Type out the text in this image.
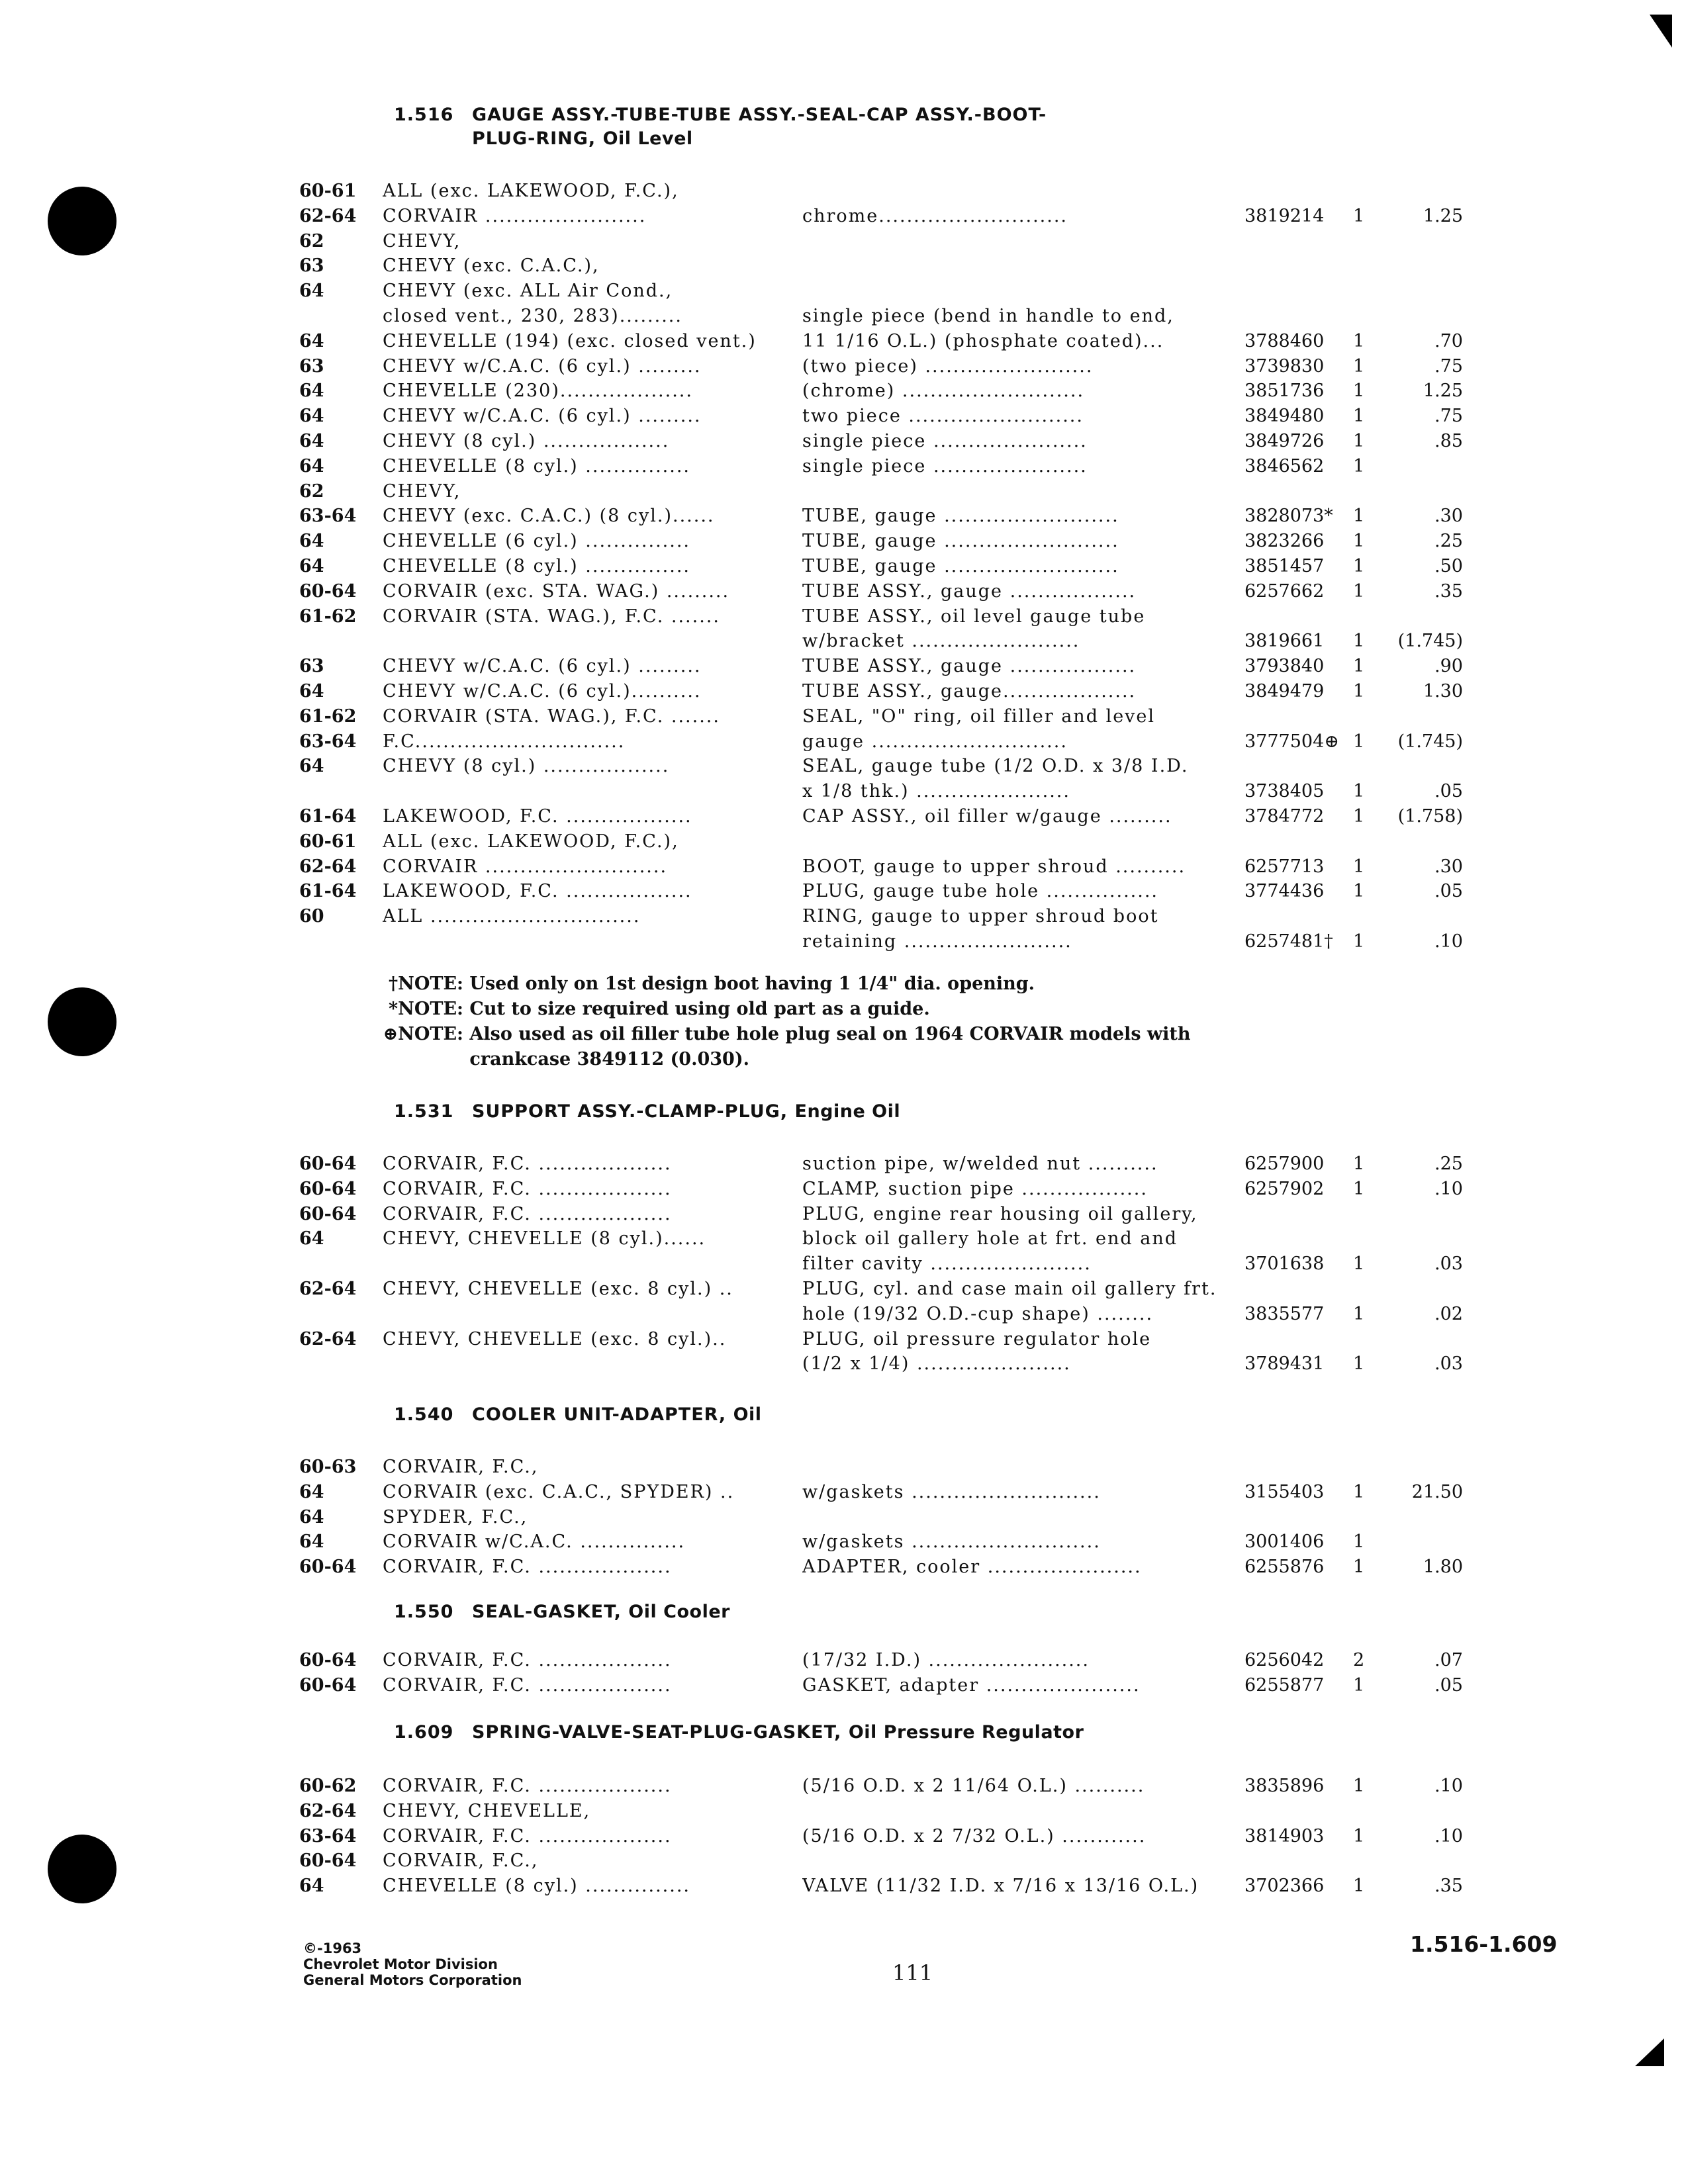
1.516 GAUGE ASSY.-TUBE-TUBE ASSY.-SEAL-CAP ASSY.-BOOT-
PLUG-RING, Oil Level
60-61	ALL (exc. LAKEWOOD, F.C.),
62-64	CORVAIR .......................	chrome...........................	3819214	1	1.25
62	CHEVY,
63	CHEVY (exc. C.A.C.),
64	CHEVY (exc. ALL Air Cond.,
closed vent., 230, 283).........	single piece (bend in handle to end,
64	CHEVELLE (194) (exc. closed vent.)	11 1/16 O.L.) (phosphate coated)...	3788460	1	.70
63	CHEVY w/C.A.C. (6 cyl.) .........	(two piece) ........................	3739830	1	.75
64	CHEVELLE (230)...................	(chrome) ..........................	3851736	1	1.25
64	CHEVY w/C.A.C. (6 cyl.) .........	two piece .........................	3849480	1	.75
64	CHEVY (8 cyl.) ..................	single piece ......................	3849726	1	.85
64	CHEVELLE (8 cyl.) ...............	single piece ......................	3846562	1
62	CHEVY,
63-64	CHEVY (exc. C.A.C.) (8 cyl.)......	TUBE, gauge .........................	3828073*	1	.30
64	CHEVELLE (6 cyl.) ...............	TUBE, gauge .........................	3823266	1	.25
64	CHEVELLE (8 cyl.) ...............	TUBE, gauge .........................	3851457	1	.50
60-64	CORVAIR (exc. STA. WAG.) .........	TUBE ASSY., gauge ..................	6257662	1	.35
61-62	CORVAIR (STA. WAG.), F.C. .......	TUBE ASSY., oil level gauge tube
w/bracket ........................	3819661	1	(1.745)
63	CHEVY w/C.A.C. (6 cyl.) .........	TUBE ASSY., gauge ..................	3793840	1	.90
64	CHEVY w/C.A.C. (6 cyl.)..........	TUBE ASSY., gauge...................	3849479	1	1.30
61-62	CORVAIR (STA. WAG.), F.C. .......	SEAL, "O" ring, oil filler and level
63-64	F.C..............................	gauge ............................	3777504⊕ 1	(1.745)
64	CHEVY (8 cyl.) ..................	SEAL, gauge tube (1/2 O.D. x 3/8 I.D.
x 1/8 thk.) ......................	3738405	1	.05
61-64	LAKEWOOD, F.C. ..................	CAP ASSY., oil filler w/gauge .........	3784772	1	(1.758)
60-61	ALL (exc. LAKEWOOD, F.C.),
62-64	CORVAIR ..........................	BOOT, gauge to upper shroud ..........	6257713	1	.30
61-64	LAKEWOOD, F.C. ..................	PLUG, gauge tube hole ................	3774436	1	.05
60	ALL ..............................	RING, gauge to upper shroud boot
retaining ........................	6257481†	1	.10
†NOTE: Used only on 1st design boot having 1 1/4" dia. opening.
*NOTE: Cut to size required using old part as a guide.
⊕NOTE: Also used as oil filler tube hole plug seal on 1964 CORVAIR models with
crankcase 3849112 (0.030).
1.531 SUPPORT ASSY.-CLAMP-PLUG, Engine Oil
60-64	CORVAIR, F.C. ...................	suction pipe, w/welded nut ..........	6257900	1	.25
60-64	CORVAIR, F.C. ...................	CLAMP, suction pipe ..................	6257902	1	.10
60-64	CORVAIR, F.C. ...................	PLUG, engine rear housing oil gallery,
64	CHEVY, CHEVELLE (8 cyl.)......	block oil gallery hole at frt. end and
filter cavity .......................	3701638	1	.03
62-64	CHEVY, CHEVELLE (exc. 8 cyl.) ..	PLUG, cyl. and case main oil gallery frt.
hole (19/32 O.D.-cup shape) ........	3835577	1	.02
62-64	CHEVY, CHEVELLE (exc. 8 cyl.)..	PLUG, oil pressure regulator hole
(1/2 x 1/4) ......................	3789431	1	.03
1.540 COOLER UNIT-ADAPTER, Oil
60-63	CORVAIR, F.C.,
64	CORVAIR (exc. C.A.C., SPYDER) ..	w/gaskets ...........................	3155403	1	21.50
64	SPYDER, F.C.,
64	CORVAIR w/C.A.C. ...............	w/gaskets ...........................	3001406	1
60-64	CORVAIR, F.C. ...................	ADAPTER, cooler ......................	6255876	1	1.80
1.550 SEAL-GASKET, Oil Cooler
60-64	CORVAIR, F.C. ...................	(17/32 I.D.) .......................	6256042	2	.07
60-64	CORVAIR, F.C. ...................	GASKET, adapter ......................	6255877	1	.05
1.609 SPRING-VALVE-SEAT-PLUG-GASKET, Oil Pressure Regulator
60-62	CORVAIR, F.C. ...................	(5/16 O.D. x 2 11/64 O.L.) ..........	3835896	1	.10
62-64	CHEVY, CHEVELLE,
63-64	CORVAIR, F.C. ...................	(5/16 O.D. x 2 7/32 O.L.) ............	3814903	1	.10
60-64	CORVAIR, F.C.,
64	CHEVELLE (8 cyl.) ...............	VALVE (11/32 I.D. x 7/16 x 13/16 O.L.)	3702366	1	.35
©-1963
Chevrolet Motor Division
General Motors Corporation	111
1.516-1.609
